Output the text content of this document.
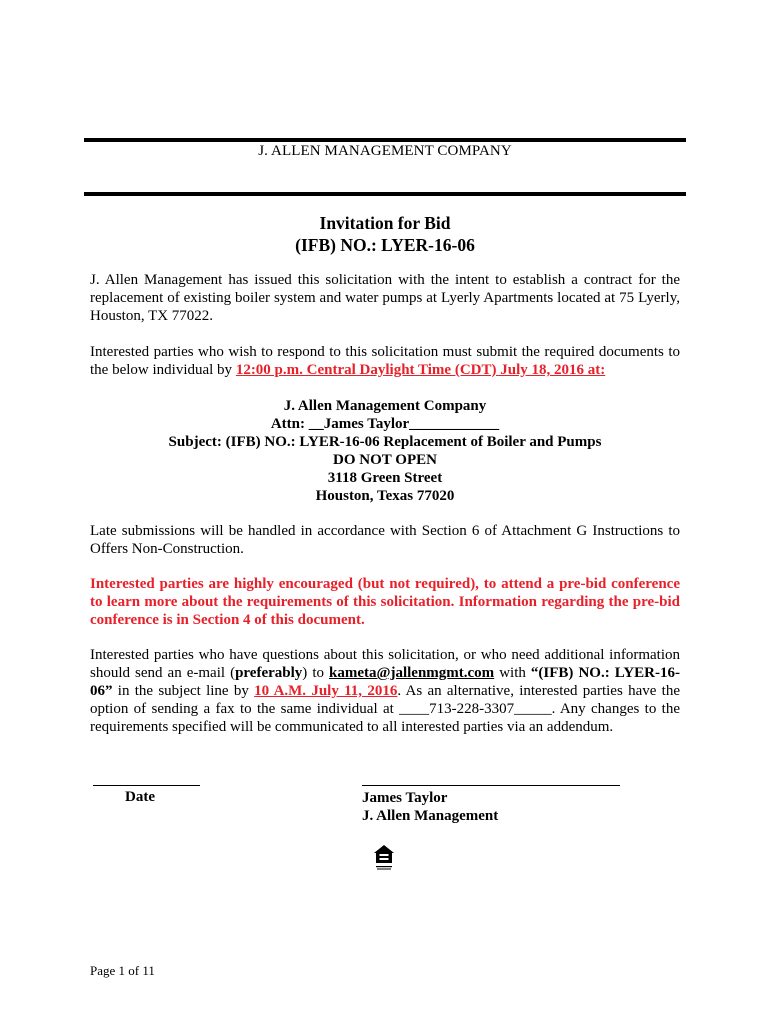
J. ALLEN MANAGEMENT COMPANY
Invitation for Bid
(IFB) NO.: LYER-16-06
J. Allen Management has issued this solicitation with the intent to establish a contract for the replacement of existing boiler system and water pumps at Lyerly Apartments located at 75 Lyerly, Houston, TX 77022.
Interested parties who wish to respond to this solicitation must submit the required documents to the below individual by 12:00 p.m. Central Daylight Time (CDT) July 18, 2016 at:
J. Allen Management Company
Attn: __James Taylor____________
Subject: (IFB) NO.: LYER-16-06 Replacement of Boiler and Pumps
DO NOT OPEN
3118 Green Street
Houston, Texas 77020
Late submissions will be handled in accordance with Section 6 of Attachment G Instructions to Offers Non-Construction.
Interested parties are highly encouraged (but not required), to attend a pre-bid conference to learn more about the requirements of this solicitation. Information regarding the pre-bid conference is in Section 4 of this document.
Interested parties who have questions about this solicitation, or who need additional information should send an e-mail (preferably) to kameta@jallenmgmt.com with “(IFB) NO.: LYER-16-06” in the subject line by 10 A.M. July 11, 2016. As an alternative, interested parties have the option of sending a fax to the same individual at ____713-228-3307_____. Any changes to the requirements specified will be communicated to all interested parties via an addendum.
Date	James Taylor
J. Allen Management
Page 1 of 11
